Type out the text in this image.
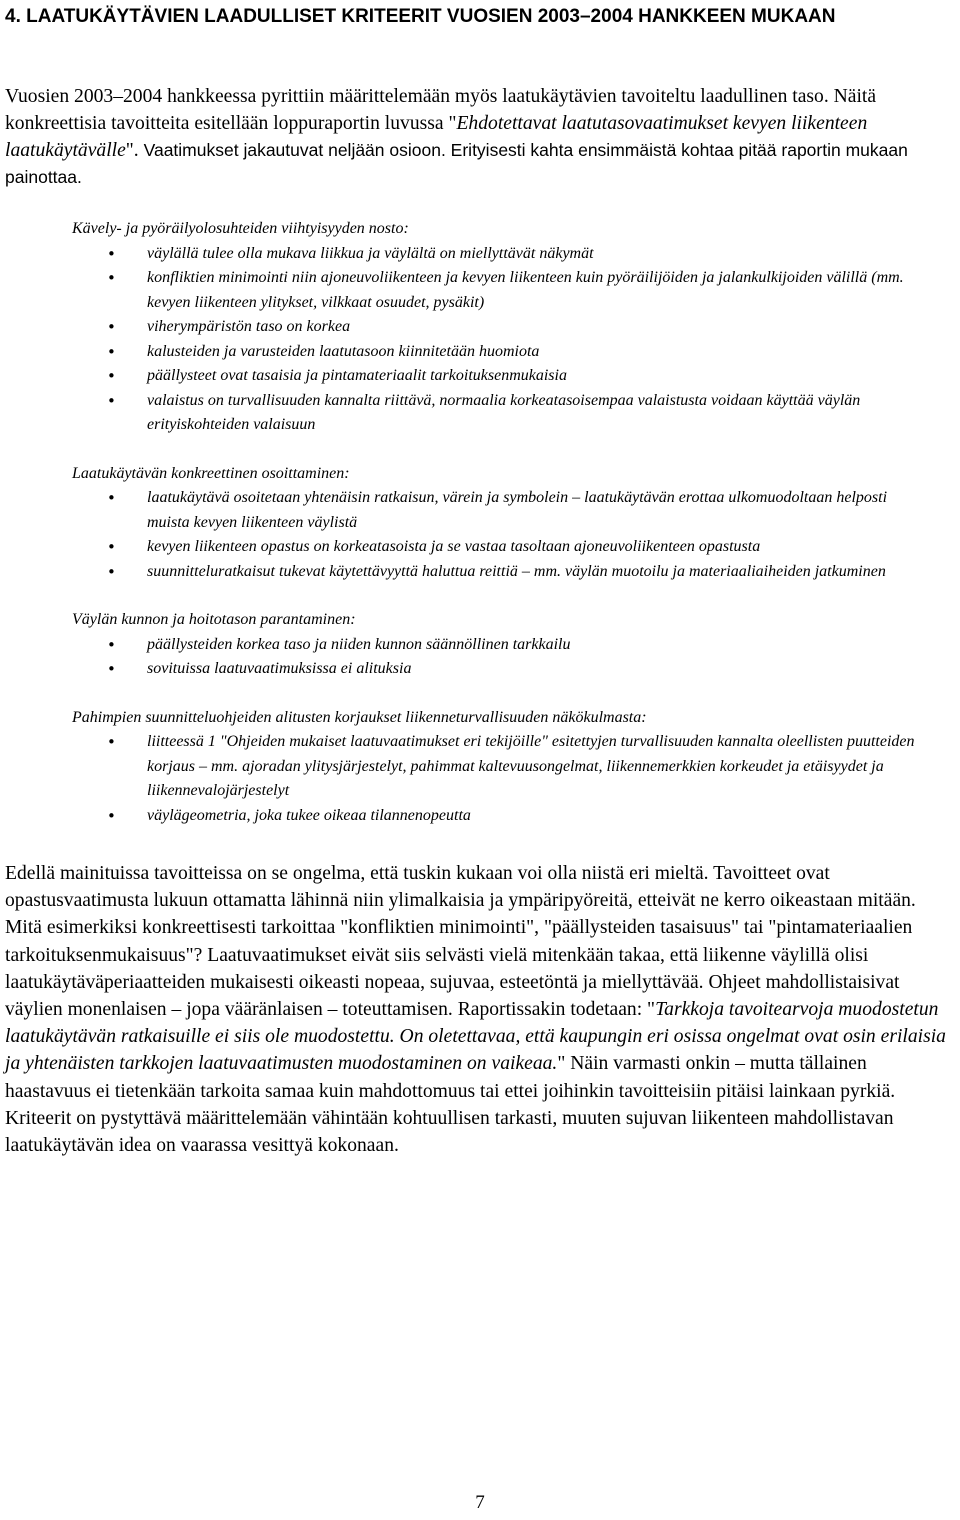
4. LAATUKÄYTÄVIEN LAADULLISET KRITEERIT VUOSIEN 2003–2004 HANKKEEN MUKAAN

Vuosien 2003–2004 hankkeessa pyrittiin määrittelemään myös laatukäytävien tavoiteltu laadullinen taso. Näitä konkreettisia tavoitteita esitellään loppuraportin luvussa "Ehdotettavat laatutasovaatimukset kevyen liikenteen laatukäytävälle". Vaatimukset jakautuvat neljään osioon. Erityisesti kahta ensimmäistä kohtaa pitää raportin mukaan painottaa.

Kävely- ja pyöräilyolosuhteiden viihtyisyyden nosto:

• väylällä tulee olla mukava liikkua ja väylältä on miellyttävät näkymät
• konfliktien minimointi niin ajoneuvoliikenteen ja kevyen liikenteen kuin pyöräilijöiden ja jalankulkijoiden välillä (mm. kevyen liikenteen ylitykset, vilkkaat osuudet, pysäkit)
• viherympäristön taso on korkea
• kalusteiden ja varusteiden laatutasoon kiinnitetään huomiota
• päällysteet ovat tasaisia ja pintamateriaalit tarkoituksenmukaisia
• valaistus on turvallisuuden kannalta riittävä, normaalia korkeatasoisempaa valaistusta voidaan käyttää väylän erityiskohteiden valaisuun

Laatukäytävän konkreettinen osoittaminen:

• laatukäytävä osoitetaan yhtenäisin ratkaisun, värein ja symbolein – laatukäytävän erottaa ulkomuodoltaan helposti muista kevyen liikenteen väylistä
• kevyen liikenteen opastus on korkeatasoista ja se vastaa tasoltaan ajoneuvoliikenteen opastusta
• suunnitteluratkaisut tukevat käytettävyyttä haluttua reittiä – mm. väylän muotoilu ja materiaaliaiheiden jatkuminen

Väylän kunnon ja hoitotason parantaminen:

• päällysteiden korkea taso ja niiden kunnon säännöllinen tarkkailu
• sovituissa laatuvaatimuksissa ei alituksia

Pahimpien suunnitteluohjeiden alitusten korjaukset liikenneturvallisuuden näkökulmasta:

• liitteessä 1 "Ohjeiden mukaiset laatuvaatimukset eri tekijöille" esitettyjen turvallisuuden kannalta oleellisten puutteiden korjaus – mm. ajoradan ylitysjärjestelyt, pahimmat kaltevuusongelmat, liikennemerkkien korkeudet ja etäisyydet ja liikennevalojärjestelyt
• väylägeometria, joka tukee oikeaa tilannenopeutta

Edellä mainituissa tavoitteissa on se ongelma, että tuskin kukaan voi olla niistä eri mieltä. Tavoitteet ovat opastusvaatimusta lukuun ottamatta lähinnä niin ylimalkaisia ja ympäripyöreitä, etteivät ne kerro oikeastaan mitään. Mitä esimerkiksi konkreettisesti tarkoittaa "konfliktien minimointi", "päällysteiden tasaisuus" tai "pintamateriaalien tarkoituksenmukaisuus"? Laatuvaatimukset eivät siis selvästi vielä mitenkään takaa, että liikenne väylillä olisi laatukäytäväperiaatteiden mukaisesti oikeasti nopeaa, sujuvaa, esteetöntä ja miellyttävää. Ohjeet mahdollistaisivat väylien monenlaisen – jopa vääränlaisen – toteuttamisen. Raportissakin todetaan: "Tarkkoja tavoitearvoja muodostetun laatukäytävän ratkaisuille ei siis ole muodostettu. On oletettavaa, että kaupungin eri osissa ongelmat ovat osin erilaisia ja yhtenäisten tarkkojen laatuvaatimusten muodostaminen on vaikeaa." Näin varmasti onkin – mutta tällainen haastavuus ei tietenkään tarkoita samaa kuin mahdottomuus tai ettei joihinkin tavoitteisiin pitäisi lainkaan pyrkiä. Kriteerit on pystyttävä määrittelemään vähintään kohtuullisen tarkasti, muuten sujuvan liikenteen mahdollistavan laatukäytävän idea on vaarassa vesittyä kokonaan.

7
